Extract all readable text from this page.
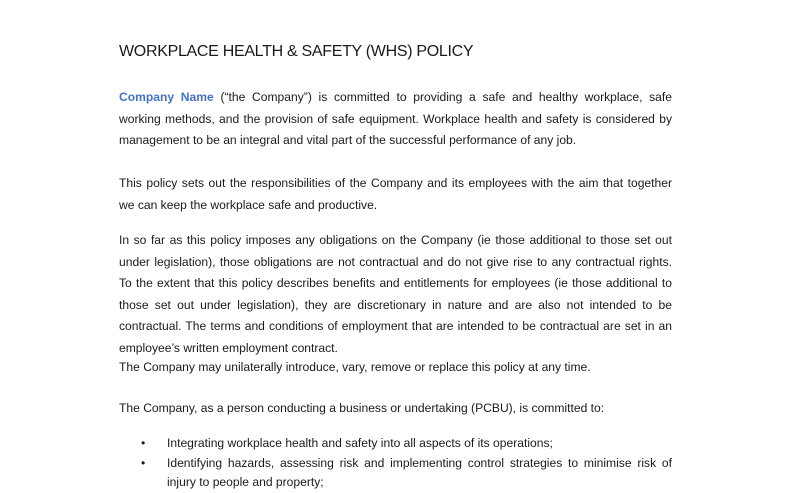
WORKPLACE HEALTH & SAFETY (WHS) POLICY

Company Name (“the Company”) is committed to providing a safe and healthy workplace, safe working methods, and the provision of safe equipment. Workplace health and safety is considered by management to be an integral and vital part of the successful performance of any job.

This policy sets out the responsibilities of the Company and its employees with the aim that together we can keep the workplace safe and productive.

In so far as this policy imposes any obligations on the Company (ie those additional to those set out under legislation), those obligations are not contractual and do not give rise to any contractual rights. To the extent that this policy describes benefits and entitlements for employees (ie those additional to those set out under legislation), they are discretionary in nature and are also not intended to be contractual. The terms and conditions of employment that are intended to be contractual are set in an employee’s written employment contract.

The Company may unilaterally introduce, vary, remove or replace this policy at any time.

The Company, as a person conducting a business or undertaking (PCBU), is committed to:

• Integrating workplace health and safety into all aspects of its operations;
• Identifying hazards, assessing risk and implementing control strategies to minimise risk of injury to people and property;
